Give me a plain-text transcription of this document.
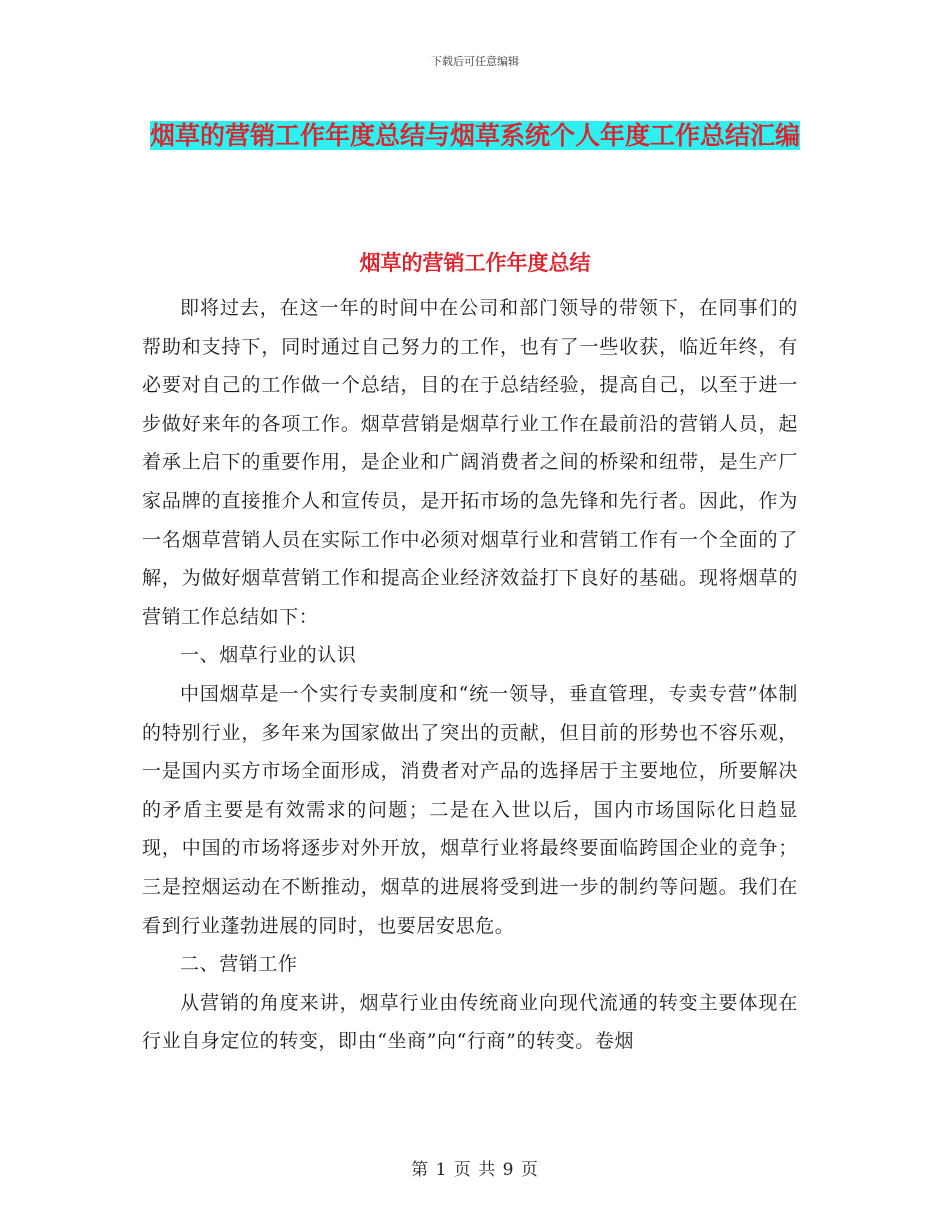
下载后可任意编辑
烟草的营销工作年度总结与烟草系统个人年度工作总结汇编
烟草的营销工作年度总结

即将过去，在这一年的时间中在公司和部门领导的带领下，在同事们的帮助和支持下，同时通过自己努力的工作，也有了一些收获，临近年终，有必要对自己的工作做一个总结，目的在于总结经验，提高自己，以至于进一步做好来年的各项工作。烟草营销是烟草行业工作在最前沿的营销人员，起着承上启下的重要作用，是企业和广阔消费者之间的桥梁和纽带，是生产厂家品牌的直接推介人和宣传员，是开拓市场的急先锋和先行者。因此，作为一名烟草营销人员在实际工作中必须对烟草行业和营销工作有一个全面的了解，为做好烟草营销工作和提高企业经济效益打下良好的基础。现将烟草的营销工作总结如下：

一、烟草行业的认识

中国烟草是一个实行专卖制度和“统一领导，垂直管理，专卖专营”体制的特别行业，多年来为国家做出了突出的贡献，但目前的形势也不容乐观，一是国内买方市场全面形成，消费者对产品的选择居于主要地位，所要解决的矛盾主要是有效需求的问题；二是在入世以后，国内市场国际化日趋显现，中国的市场将逐步对外开放，烟草行业将最终要面临跨国企业的竞争；三是控烟运动在不断推动，烟草的进展将受到进一步的制约等问题。我们在看到行业蓬勃进展的同时，也要居安思危。

二、营销工作

从营销的角度来讲，烟草行业由传统商业向现代流通的转变主要体现在行业自身定位的转变，即由“坐商”向“行商”的转变。卷烟

第 1 页 共 9 页
